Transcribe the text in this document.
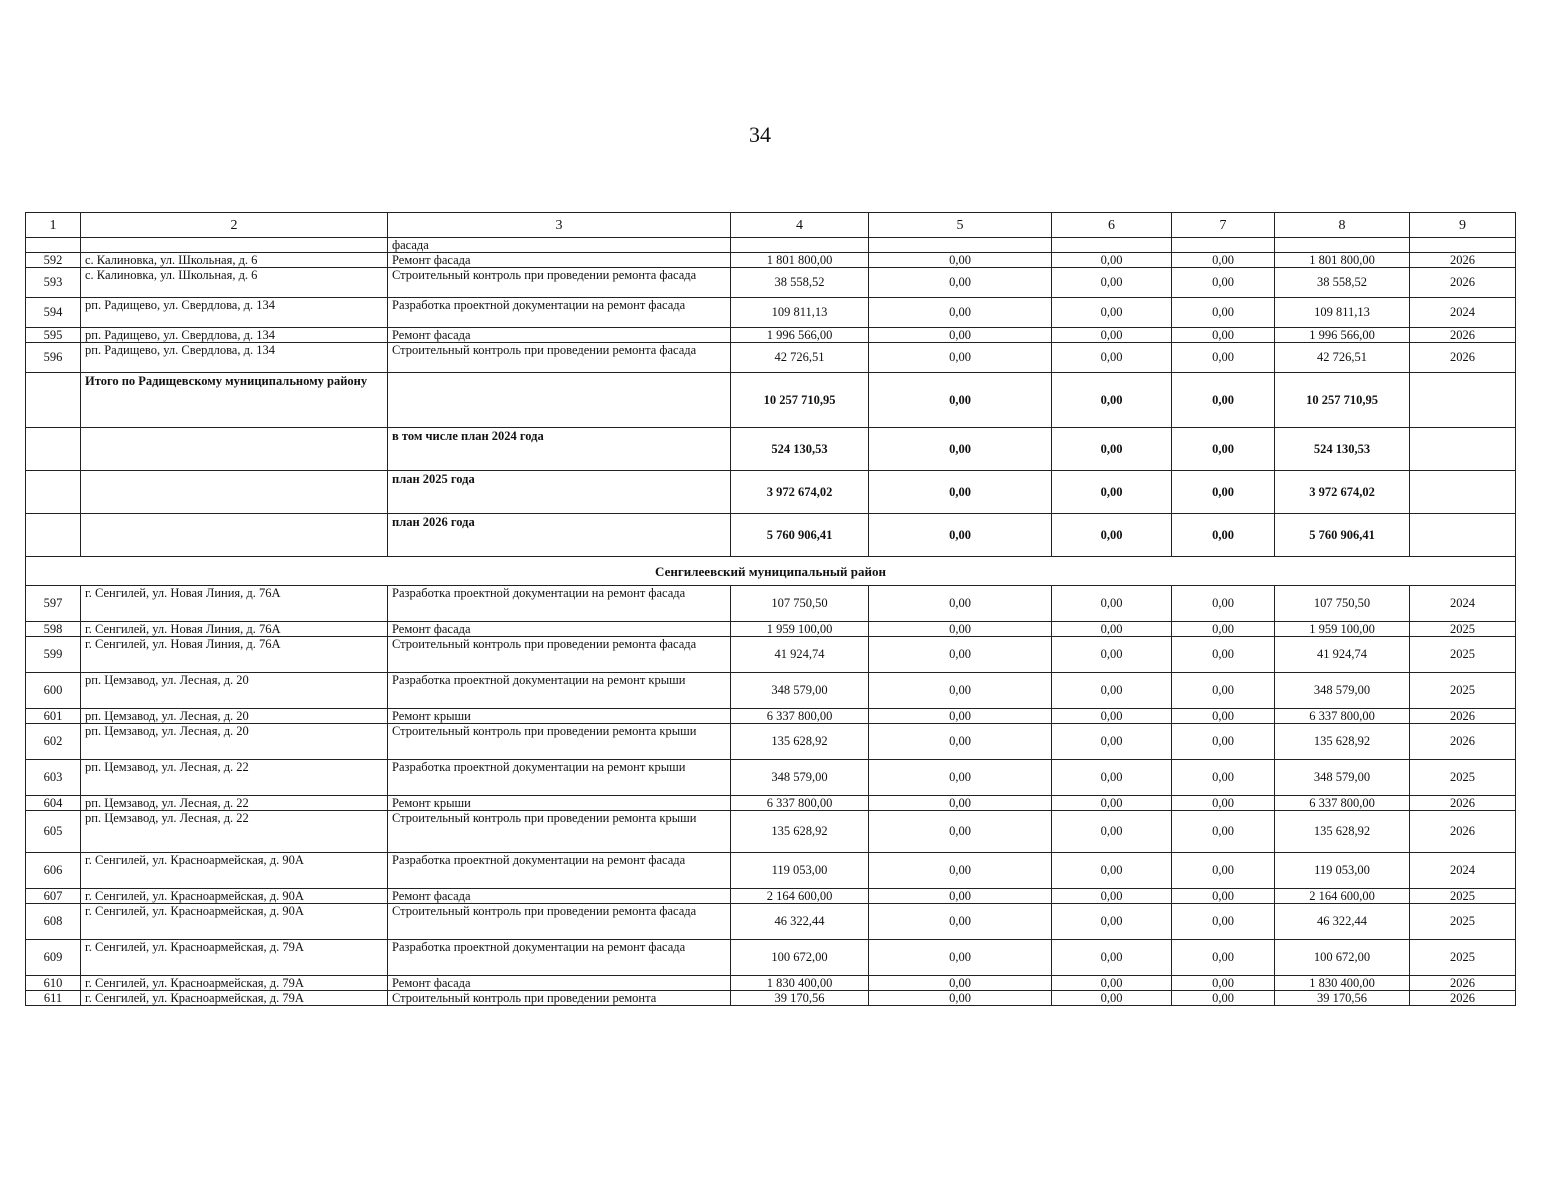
34
1	2	3	4	5	6	7	8	9
		фасада						
592	с. Калиновка, ул. Школьная, д. 6	Ремонт фасада	1 801 800,00	0,00	0,00	0,00	1 801 800,00	2026
593	с. Калиновка, ул. Школьная, д. 6	Строительный контроль при проведении ремонта фасада	38 558,52	0,00	0,00	0,00	38 558,52	2026
594	рп. Радищево, ул. Свердлова, д. 134	Разработка проектной документации на ремонт фасада	109 811,13	0,00	0,00	0,00	109 811,13	2024
595	рп. Радищево, ул. Свердлова, д. 134	Ремонт фасада	1 996 566,00	0,00	0,00	0,00	1 996 566,00	2026
596	рп. Радищево, ул. Свердлова, д. 134	Строительный контроль при проведении ремонта фасада	42 726,51	0,00	0,00	0,00	42 726,51	2026
	Итого по Радищевскому муниципальному району		10 257 710,95	0,00	0,00	0,00	10 257 710,95	
		в том числе план 2024 года	524 130,53	0,00	0,00	0,00	524 130,53	
		план 2025 года	3 972 674,02	0,00	0,00	0,00	3 972 674,02	
		план 2026 года	5 760 906,41	0,00	0,00	0,00	5 760 906,41	
Сенгилеевский муниципальный район								
597	г. Сенгилей, ул. Новая Линия, д. 76А	Разработка проектной документации на ремонт фасада	107 750,50	0,00	0,00	0,00	107 750,50	2024
598	г. Сенгилей, ул. Новая Линия, д. 76А	Ремонт фасада	1 959 100,00	0,00	0,00	0,00	1 959 100,00	2025
599	г. Сенгилей, ул. Новая Линия, д. 76А	Строительный контроль при проведении ремонта фасада	41 924,74	0,00	0,00	0,00	41 924,74	2025
600	рп. Цемзавод, ул. Лесная, д. 20	Разработка проектной документации на ремонт крыши	348 579,00	0,00	0,00	0,00	348 579,00	2025
601	рп. Цемзавод, ул. Лесная, д. 20	Ремонт крыши	6 337 800,00	0,00	0,00	0,00	6 337 800,00	2026
602	рп. Цемзавод, ул. Лесная, д. 20	Строительный контроль при проведении ремонта крыши	135 628,92	0,00	0,00	0,00	135 628,92	2026
603	рп. Цемзавод, ул. Лесная, д. 22	Разработка проектной документации на ремонт крыши	348 579,00	0,00	0,00	0,00	348 579,00	2025
604	рп. Цемзавод, ул. Лесная, д. 22	Ремонт крыши	6 337 800,00	0,00	0,00	0,00	6 337 800,00	2026
605	рп. Цемзавод, ул. Лесная, д. 22	Строительный контроль при проведении ремонта крыши	135 628,92	0,00	0,00	0,00	135 628,92	2026
606	г. Сенгилей, ул. Красноармейская, д. 90А	Разработка проектной документации на ремонт фасада	119 053,00	0,00	0,00	0,00	119 053,00	2024
607	г. Сенгилей, ул. Красноармейская, д. 90А	Ремонт фасада	2 164 600,00	0,00	0,00	0,00	2 164 600,00	2025
608	г. Сенгилей, ул. Красноармейская, д. 90А	Строительный контроль при проведении ремонта фасада	46 322,44	0,00	0,00	0,00	46 322,44	2025
609	г. Сенгилей, ул. Красноармейская, д. 79А	Разработка проектной документации на ремонт фасада	100 672,00	0,00	0,00	0,00	100 672,00	2025
610	г. Сенгилей, ул. Красноармейская, д. 79А	Ремонт фасада	1 830 400,00	0,00	0,00	0,00	1 830 400,00	2026
611	г. Сенгилей, ул. Красноармейская, д. 79А	Строительный контроль при проведении ремонта	39 170,56	0,00	0,00	0,00	39 170,56	2026
